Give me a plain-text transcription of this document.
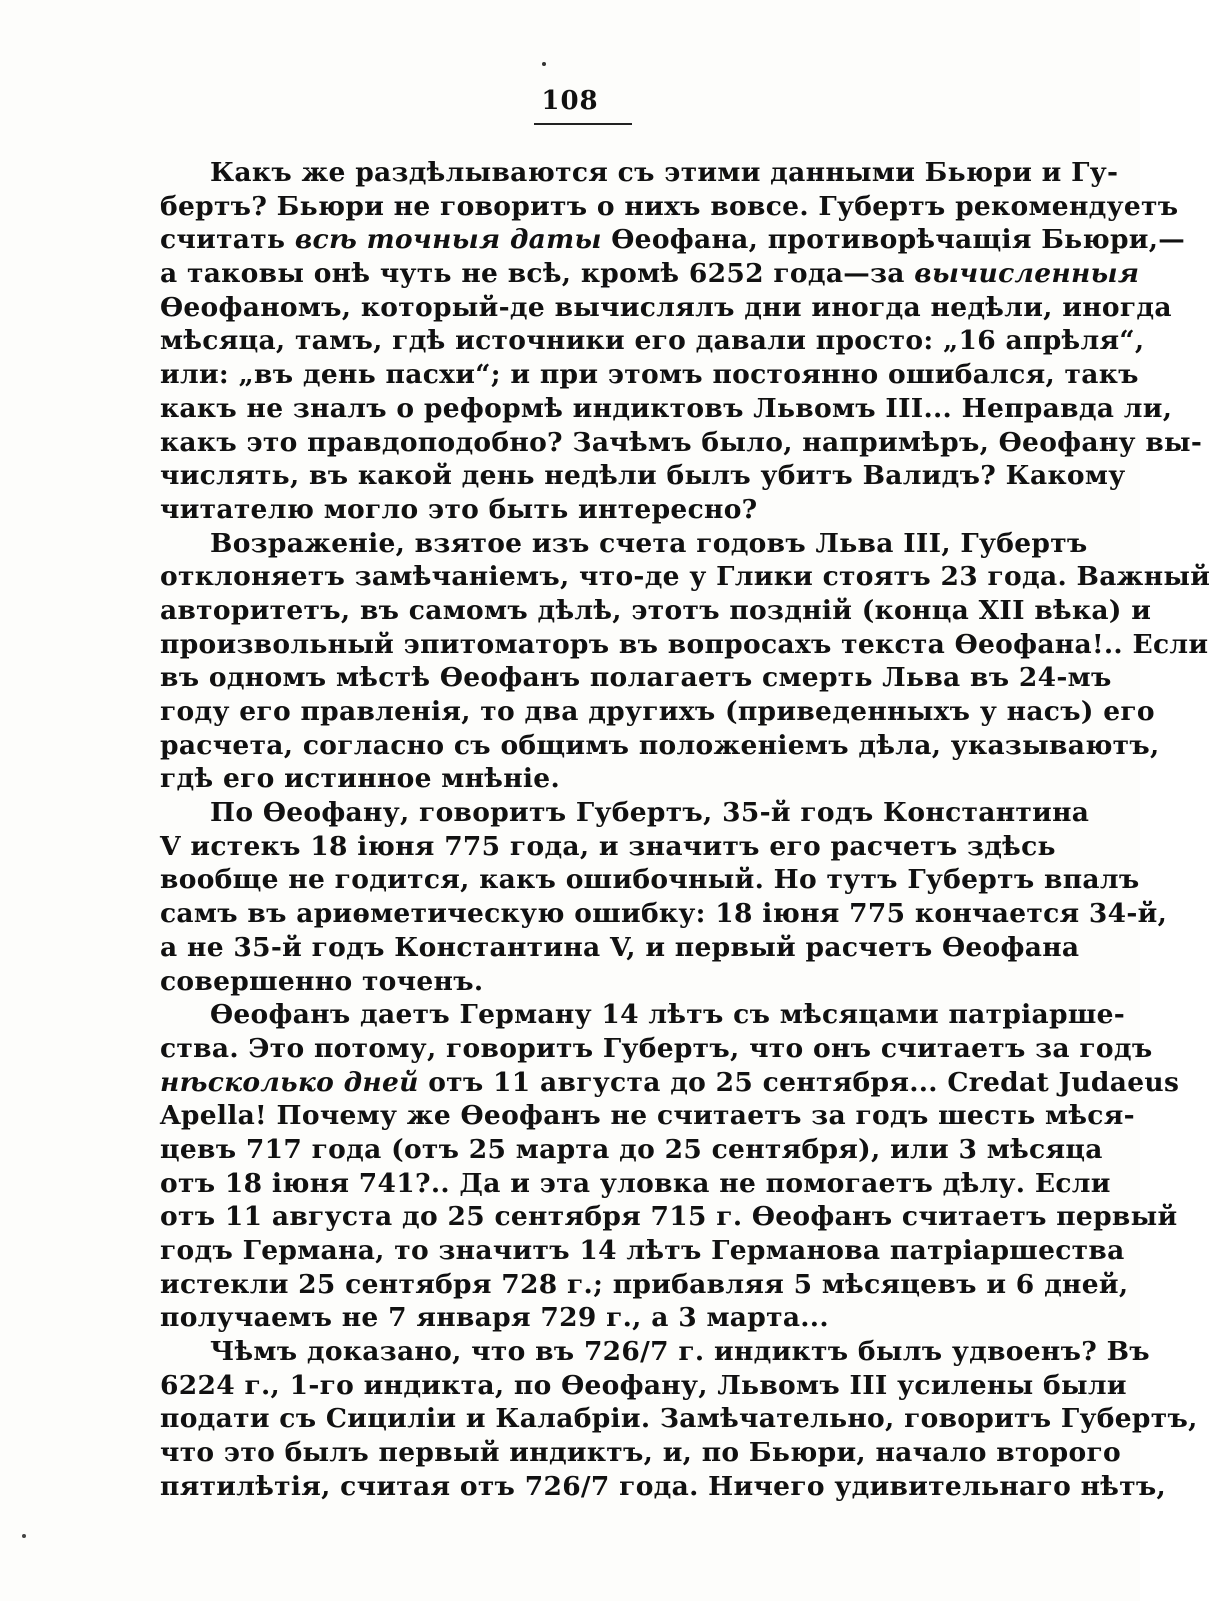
108
Какъ же раздѣлываются съ этими данными Бьюри и Гу-
бертъ? Бьюри не говоритъ о нихъ вовсе. Губертъ рекомендуетъ
считать всѣ точныя даты Ѳеофана, противорѣчащія Бьюри,—
а таковы онѣ чуть не всѣ, кромѣ 6252 года—за вычисленныя
Ѳеофаномъ, который-де вычислялъ дни иногда недѣли, иногда
мѣсяца, тамъ, гдѣ источники его давали просто: „16 апрѣля“,
или: „въ день пасхи“; и при этомъ постоянно ошибался, такъ
какъ не зналъ о реформѣ индиктовъ Львомъ III... Неправда ли,
какъ это правдоподобно? Зачѣмъ было, напримѣръ, Ѳеофану вы-
числять, въ какой день недѣли былъ убитъ Валидъ? Какому
читателю могло это быть интересно?
Возраженіе, взятое изъ счета годовъ Льва III, Губертъ
отклоняетъ замѣчаніемъ, что-де у Глики стоятъ 23 года. Важный
авторитетъ, въ самомъ дѣлѣ, этотъ поздній (конца XII вѣка) и
произвольный эпитоматоръ въ вопросахъ текста Ѳеофана!.. Если
въ одномъ мѣстѣ Ѳеофанъ полагаетъ смерть Льва въ 24-мъ
году его правленія, то два другихъ (приведенныхъ у насъ) его
расчета, согласно съ общимъ положеніемъ дѣла, указываютъ,
гдѣ его истинное мнѣніе.
По Ѳеофану, говоритъ Губертъ, 35-й годъ Константина
V истекъ 18 іюня 775 года, и значитъ его расчетъ здѣсь
вообще не годится, какъ ошибочный. Но тутъ Губертъ впалъ
самъ въ ариѳметическую ошибку: 18 іюня 775 кончается 34-й,
а не 35-й годъ Константина V, и первый расчетъ Ѳеофана
совершенно точенъ.
Ѳеофанъ даетъ Герману 14 лѣтъ съ мѣсяцами патріарше-
ства. Это потому, говоритъ Губертъ, что онъ считаетъ за годъ
нѣсколько дней отъ 11 августа до 25 сентября... Credat Judaeus
Apella! Почему же Ѳеофанъ не считаетъ за годъ шесть мѣся-
цевъ 717 года (отъ 25 марта до 25 сентября), или 3 мѣсяца
отъ 18 іюня 741?.. Да и эта уловка не помогаетъ дѣлу. Если
отъ 11 августа до 25 сентября 715 г. Ѳеофанъ считаетъ первый
годъ Германа, то значитъ 14 лѣтъ Германова патріаршества
истекли 25 сентября 728 г.; прибавляя 5 мѣсяцевъ и 6 дней,
получаемъ не 7 января 729 г., а 3 марта...
Чѣмъ доказано, что въ 726/7 г. индиктъ былъ удвоенъ? Въ
6224 г., 1-го индикта, по Ѳеофану, Львомъ III усилены были
подати съ Сициліи и Калабріи. Замѣчательно, говоритъ Губертъ,
что это былъ первый индиктъ, и, по Бьюри, начало второго
пятилѣтія, считая отъ 726/7 года. Ничего удивительнаго нѣтъ,
